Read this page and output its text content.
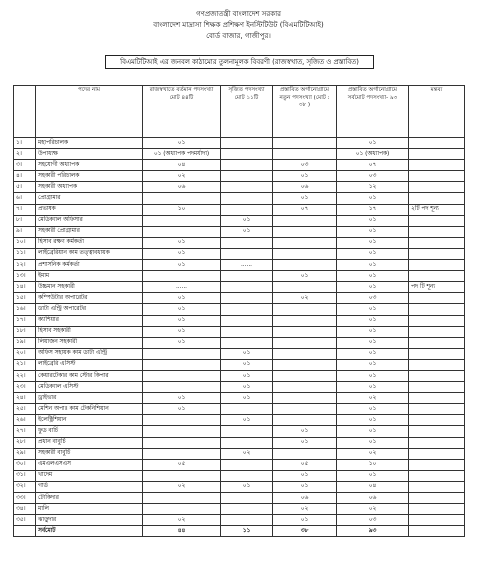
গণপ্রজাতন্ত্রী বাংলাদেশ সরকার
বাংলাদেশ মাদ্রাসা শিক্ষক প্রশিক্ষণ ইনস্টিটিউট (বিএমটিটিআই)
বোর্ড বাজার, গাজীপুর।
বিএমটিটিআই এর জনবল কাঠামোর তুলনামূলক বিবরণী (রাজস্বখাত, সৃজিত ও প্রস্তাবিত)
	পদের নাম	রাজস্বখাতে বর্তমান পদসংখ্যা মোট ৪৪টি	সৃজিত পদসংখ্যা মোট ১১টি	প্রস্তাবিত অর্গানোগ্রামে নতুন পদসংখ্যা (মোট : ৩৮ )	প্রস্তাবিত অর্গানোগ্রামে সর্বমোট পদসংখ্যা- ৯৩	মন্তব্য
১।	মহাপরিচালক	০১			০১	
২।	উপাধ্যক্ষ	০১ (অধ্যাপক পদমর্যাদা)			০১ (অধ্যাপক)	
৩।	সহযোগী অধ্যাপক	০৪		০৩	০৭	
৪।	সহকারী পরিচালক	০২		০১	০৩	
৫।	সহকারী অধ্যাপক	০৬		০৬	১২	
৬।	প্রোগ্রামার			০১	০১	
৭।	প্রভাষক	১০		০৭	১৭	২টি পদ শূন্য
৮।	মেডিক্যাল অফিসার		০১		০১	
৯।	সহকারী প্রোগ্রামার		০১		০১	
১০।	হিসাব রক্ষণ কর্মকর্তা	০১			০১	
১১।	লাইব্রেরিয়ান কাম তত্ত্বাবধায়ক	০১			০১	
১২।	প্রশাসনিক কর্মকর্তা	০১	......		০১	
১৩।	ইমাম			০১	০১	
১৪।	উচ্চমান সহকারী	......			০১	পদ টি শূন্য
১৫।	কম্পিউটার অপারেটর	০১		০২	০৩	
১৬।	ডাটা এন্ট্রি অপারেটর	০১			০১	
১৭।	ক্যাশিয়ার	০১			০১	
১৮।	হিসাব সহকারী	০১			০১	
১৯।	লিয়াজন সহকারী	০১			০১	
২০।	অফিস সহায়ক কাম ডাটা এন্ট্রি		০১		০১	
২১।	লাইব্রেরি এসিস্ট		০১		০১	
২২।	কেয়ারটেকার কাম স্টোর কিপার		০১		০১	
২৩।	মেডিক্যাল এসিস্ট		০১		০১	
২৪।	ড্রাইভার	০১	০১		০২	
২৫।	মেশিন অপাঃ কাম টেকনিশিয়ান	০১			০১	
২৬।	ইলেক্ট্রিশিয়ান		০১		০১	
২৭।	ফুড বার্চি			০১	০১	
২৮।	প্রধান বাবুর্চি			০১	০১	
২৯।	সহকারী বাবুর্চি		০২		০২	
৩০।	এমএলএসএস	০৫		০৫	১০	
৩১।	খাদেম			০১	০১	
৩২।	গার্ড	০২	০১	০১	০৪	
৩৩।	টোকিদার			০৬	০৬	
৩৪।	মালি			০২	০২	
৩৫।	ঝাড়ুদার	০২		০১	০৩	
	সর্বমোট	৪৪	১১	৩৮	৯৩	
